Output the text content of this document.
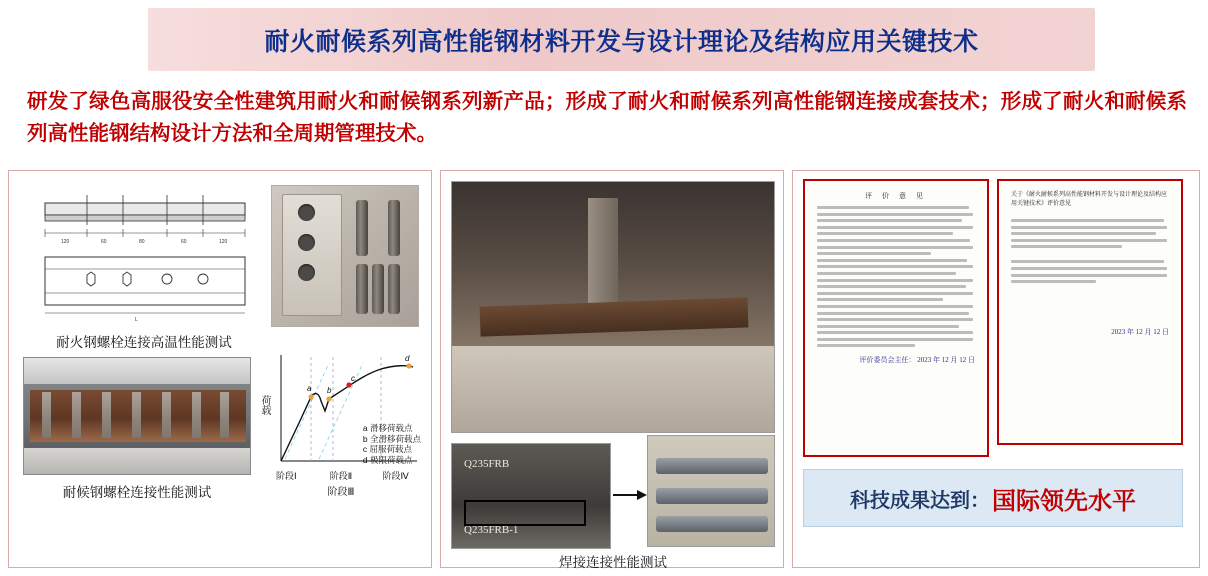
耐火耐候系列高性能钢材料开发与设计理论及结构应用关键技术
研发了绿色高服役安全性建筑用耐火和耐候钢系列新产品；形成了耐火和耐候系列高性能钢连接成套技术；形成了耐火和耐候系列高性能钢结构设计方法和全周期管理技术。
120	60	80	60	120
L
耐火钢螺栓连接高温性能测试
耐候钢螺栓连接性能测试
荷载
a b
c
d
阶段Ⅰ	阶段Ⅱ	阶段Ⅳ
阶段Ⅲ
a 滑移荷载点
b 全滑移荷载点
c 屈服荷载点
d 极限荷载点	Q235FRB
Q235FRB-1
焊接连接性能测试
评 价 意 见
评价委员会主任： 2023 年 12 月 12 日
关于《耐火耐候系列高性能钢材料开发与设计理论及结构应用关键技术》评价意见
2023 年 12 月 12 日
科技成果达到： 国际领先水平
